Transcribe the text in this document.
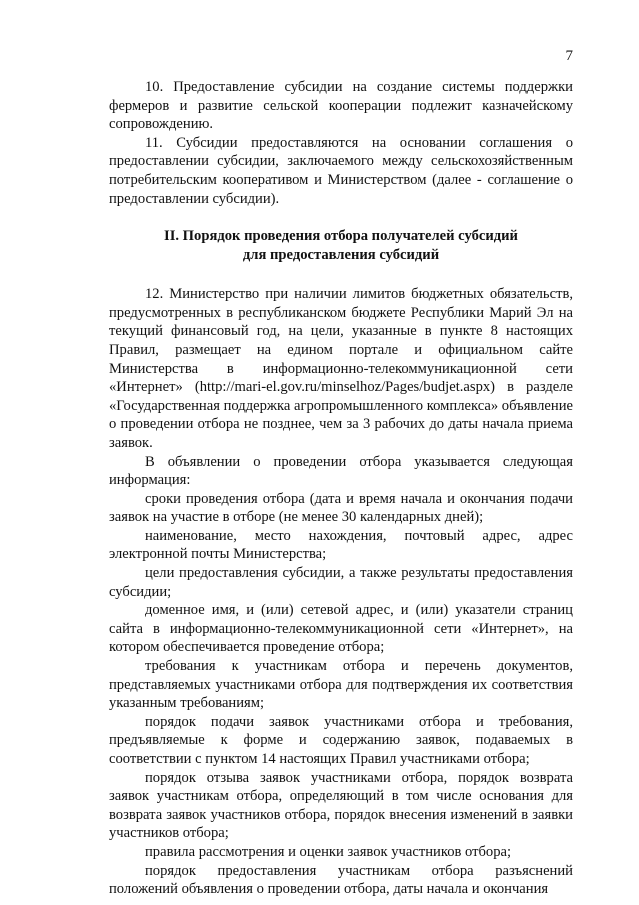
7

10. Предоставление субсидии на создание системы поддержки фермеров и развитие сельской кооперации подлежит казначейскому сопровождению.

11. Субсидии предоставляются на основании соглашения о предоставлении субсидии, заключаемого между сельскохозяйственным потребительским кооперативом и Министерством (далее - соглашение о предоставлении субсидии).

II. Порядок проведения отбора получателей субсидий
для предоставления субсидий

12. Министерство при наличии лимитов бюджетных обязательств, предусмотренных в республиканском бюджете Республики Марий Эл на текущий финансовый год, на цели, указанные в пункте 8 настоящих Правил, размещает на едином портале и официальном сайте Министерства в информационно-телекоммуникационной сети «Интернет» (http://mari-el.gov.ru/minselhoz/Pages/budjet.aspx) в разделе «Государственная поддержка агропромышленного комплекса» объявление о проведении отбора не позднее, чем за 3 рабочих до даты начала приема заявок.

В объявлении о проведении отбора указывается следующая информация:

сроки проведения отбора (дата и время начала и окончания подачи заявок на участие в отборе (не менее 30 календарных дней);

наименование, место нахождения, почтовый адрес, адрес электронной почты Министерства;

цели предоставления субсидии, а также результаты предоставления субсидии;

доменное имя, и (или) сетевой адрес, и (или) указатели страниц сайта в информационно-телекоммуникационной сети «Интернет», на котором обеспечивается проведение отбора;

требования к участникам отбора и перечень документов, представляемых участниками отбора для подтверждения их соответствия указанным требованиям;

порядок подачи заявок участниками отбора и требования, предъявляемые к форме и содержанию заявок, подаваемых в соответствии с пунктом 14 настоящих Правил участниками отбора;

порядок отзыва заявок участниками отбора, порядок возврата заявок участникам отбора, определяющий в том числе основания для возврата заявок участников отбора, порядок внесения изменений в заявки участников отбора;

правила рассмотрения и оценки заявок участников отбора;

порядок предоставления участникам отбора разъяснений положений объявления о проведении отбора, даты начала и окончания
